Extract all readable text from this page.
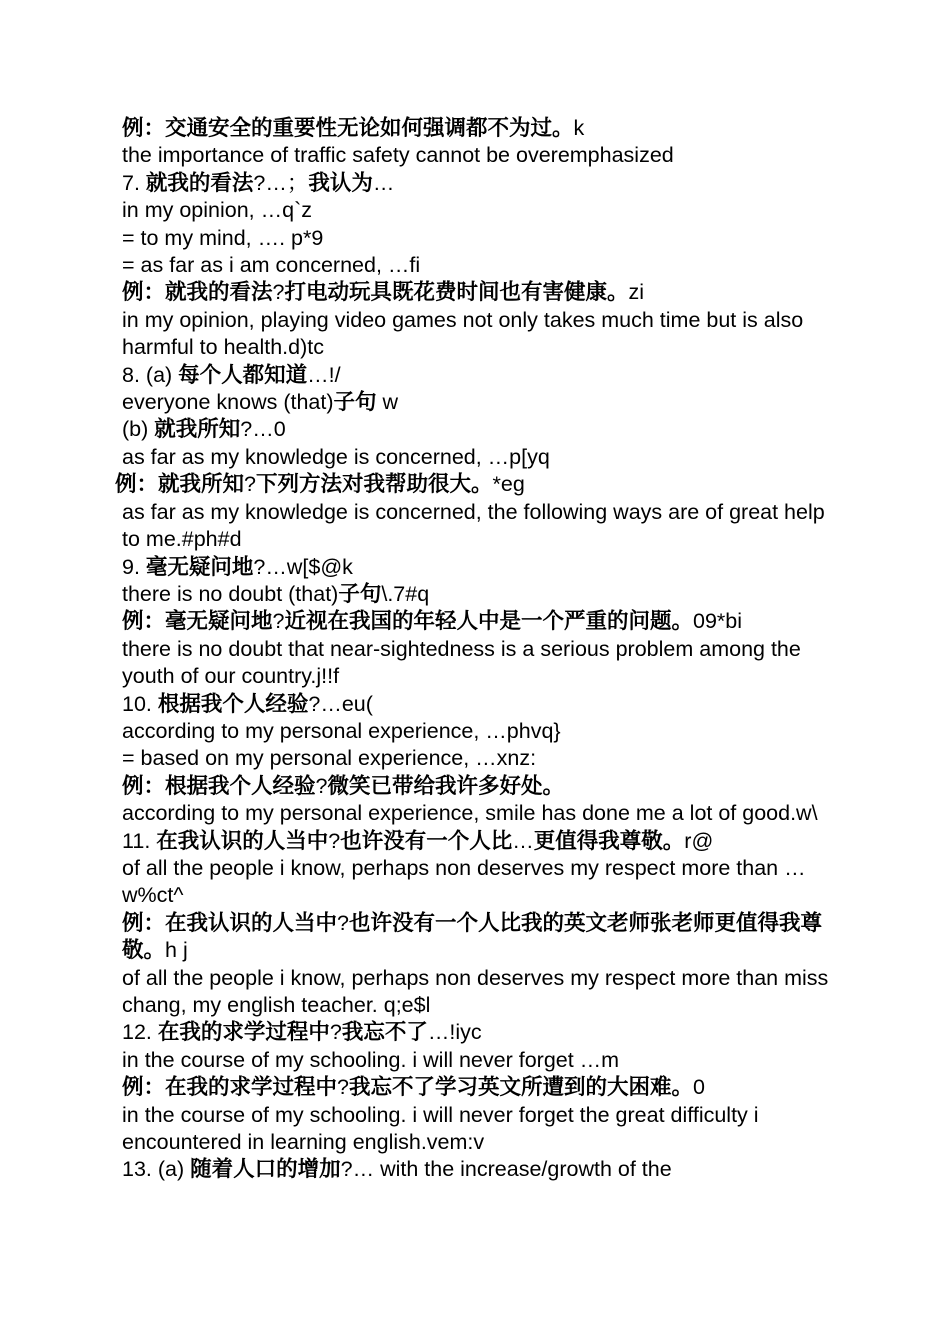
例：交通安全的重要性无论如何强调都不为过。k
the importance of traffic safety cannot be overemphasized
7. 就我的看法?…；我认为…
in my opinion, …q`z
= to my mind, …. p*9
= as far as i am concerned, …fi
例：就我的看法?打电动玩具既花费时间也有害健康。zi
in my opinion, playing video games not only takes much time but is also harmful to health.d)tc
8. (a) 每个人都知道…!/
everyone knows (that)子句 w
(b) 就我所知?…0
as far as my knowledge is concerned, …p[yq
例：就我所知?下列方法对我帮助很大。*eg
as far as my knowledge is concerned, the following ways are of great help to me.#ph#d
9. 毫无疑问地?…w[$@k
there is no doubt (that)子句\.7#q
例：毫无疑问地?近视在我国的年轻人中是一个严重的问题。09*bi
there is no doubt that near-sightedness is a serious problem among the youth of our country.j!!f
10. 根据我个人经验?…eu(
according to my personal experience, …phvq}
= based on my personal experience, …xnz:
例：根据我个人经验?微笑已带给我许多好处。
according to my personal experience, smile has done me a lot of good.w\
11. 在我认识的人当中?也许没有一个人比…更值得我尊敬。r@
of all the people i know, perhaps non deserves my respect more than …w%ct^
例：在我认识的人当中?也许没有一个人比我的英文老师张老师更值得我尊敬。h j
of all the people i know, perhaps non deserves my respect more than miss chang, my english teacher. q;e$l
12. 在我的求学过程中?我忘不了…!iyc
in the course of my schooling. i will never forget …m
例：在我的求学过程中?我忘不了学习英文所遭到的大困难。0
in the course of my schooling. i will never forget the great difficulty i encountered in learning english.vem:v
13. (a) 随着人口的增加?… with the increase/growth of the
